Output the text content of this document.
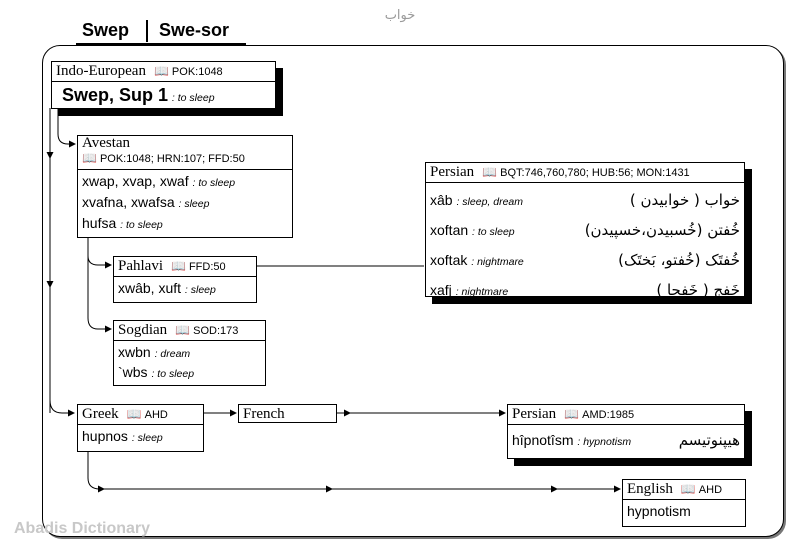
خواب
Swep Swe-sor
Indo-European 📖 POK:1048
Swep, Sup 1 : to sleep
Avestan
📖 POK:1048; HRN:107; FFD:50
xwap, xvap, xwaf : to sleep
xvafna, xwafsa : sleep
hufsa : to sleep
Pahlavi 📖 FFD:50
xwâb, xuft : sleep
Sogdian 📖 SOD:173
xwbn : dream
`wbs : to sleep
Persian 📖 BQT:746,760,780; HUB:56; MON:1431
xâb : sleep, dream	خواب ( خوابیدن )
xoftan : to sleep	خُفتن (خُسبیدن،خسپیدن)
xoftak : nightmare	خُفتَک (خُفتو، بَختَک)
xafj : nightmare	خَفج ( خَفجا )
Greek 📖 AHD
hupnos : sleep
French	Persian 📖 AMD:1985
hîpnotîsm : hypnotism	هیپنوتیسم
English 📖 AHD
hypnotism
Abadis Dictionary
